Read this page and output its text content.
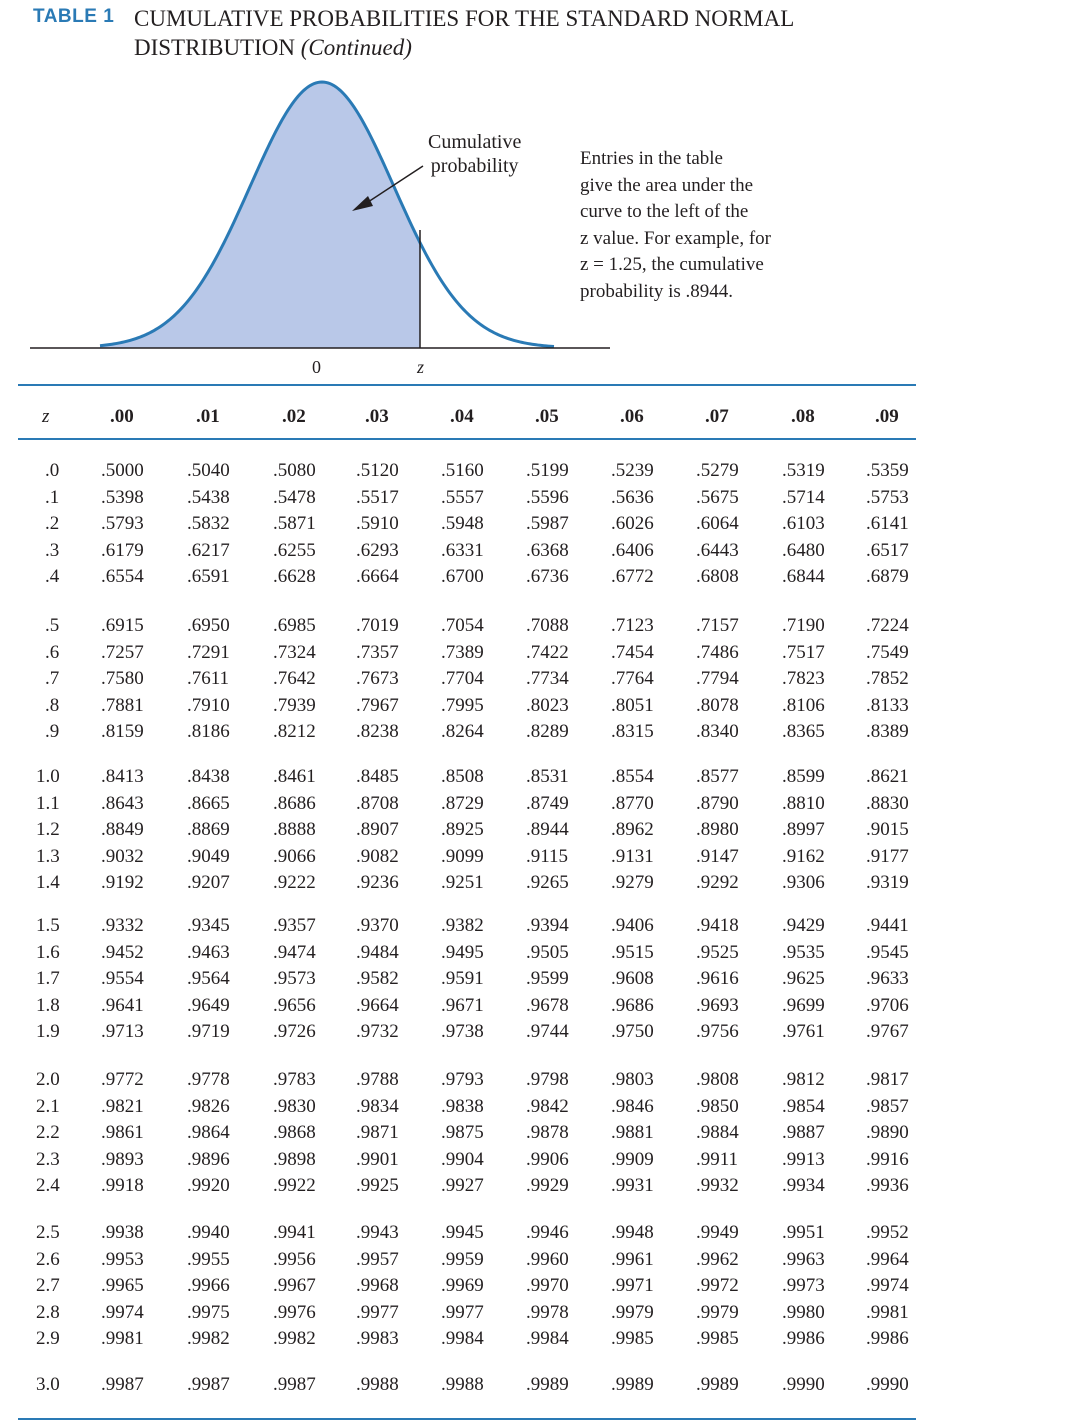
TABLE 1 CUMULATIVE PROBABILITIES FOR THE STANDARD NORMAL
DISTRIBUTION (Continued)
Cumulative
probability	Entries in the table
give the area under the
curve to the left of the
z value. For example, for
z = 1.25, the cumulative
probability is .8944.
0	z
z	.00	.01	.02	.03	.04	.05	.06	.07	.08	.09
.0 .5000 .5040 .5080 .5120 .5160 .5199 .5239 .5279 .5319 .5359
.1 .5398 .5438 .5478 .5517 .5557 .5596 .5636 .5675 .5714 .5753
.2 .5793 .5832 .5871 .5910 .5948 .5987 .6026 .6064 .6103 .6141
.3 .6179 .6217 .6255 .6293 .6331 .6368 .6406 .6443 .6480 .6517
.4 .6554 .6591 .6628 .6664 .6700 .6736 .6772 .6808 .6844 .6879
.5 .6915 .6950 .6985 .7019 .7054 .7088 .7123 .7157 .7190 .7224
.6 .7257 .7291 .7324 .7357 .7389 .7422 .7454 .7486 .7517 .7549
.7 .7580 .7611 .7642 .7673 .7704 .7734 .7764 .7794 .7823 .7852
.8 .7881 .7910 .7939 .7967 .7995 .8023 .8051 .8078 .8106 .8133
.9 .8159 .8186 .8212 .8238 .8264 .8289 .8315 .8340 .8365 .8389
1.0 .8413 .8438 .8461 .8485 .8508 .8531 .8554 .8577 .8599 .8621
1.1 .8643 .8665 .8686 .8708 .8729 .8749 .8770 .8790 .8810 .8830
1.2 .8849 .8869 .8888 .8907 .8925 .8944 .8962 .8980 .8997 .9015
1.3 .9032 .9049 .9066 .9082 .9099 .9115 .9131 .9147 .9162 .9177
1.4 .9192 .9207 .9222 .9236 .9251 .9265 .9279 .9292 .9306 .9319
1.5 .9332 .9345 .9357 .9370 .9382 .9394 .9406 .9418 .9429 .9441
1.6 .9452 .9463 .9474 .9484 .9495 .9505 .9515 .9525 .9535 .9545
1.7 .9554 .9564 .9573 .9582 .9591 .9599 .9608 .9616 .9625 .9633
1.8 .9641 .9649 .9656 .9664 .9671 .9678 .9686 .9693 .9699 .9706
1.9 .9713 .9719 .9726 .9732 .9738 .9744 .9750 .9756 .9761 .9767
2.0 .9772 .9778 .9783 .9788 .9793 .9798 .9803 .9808 .9812 .9817
2.1 .9821 .9826 .9830 .9834 .9838 .9842 .9846 .9850 .9854 .9857
2.2 .9861 .9864 .9868 .9871 .9875 .9878 .9881 .9884 .9887 .9890
2.3 .9893 .9896 .9898 .9901 .9904 .9906 .9909 .9911 .9913 .9916
2.4 .9918 .9920 .9922 .9925 .9927 .9929 .9931 .9932 .9934 .9936
2.5 .9938 .9940 .9941 .9943 .9945 .9946 .9948 .9949 .9951 .9952
2.6 .9953 .9955 .9956 .9957 .9959 .9960 .9961 .9962 .9963 .9964
2.7 .9965 .9966 .9967 .9968 .9969 .9970 .9971 .9972 .9973 .9974
2.8 .9974 .9975 .9976 .9977 .9977 .9978 .9979 .9979 .9980 .9981
2.9 .9981 .9982 .9982 .9983 .9984 .9984 .9985 .9985 .9986 .9986
3.0 .9987 .9987 .9987 .9988 .9988 .9989 .9989 .9989 .9990 .9990
